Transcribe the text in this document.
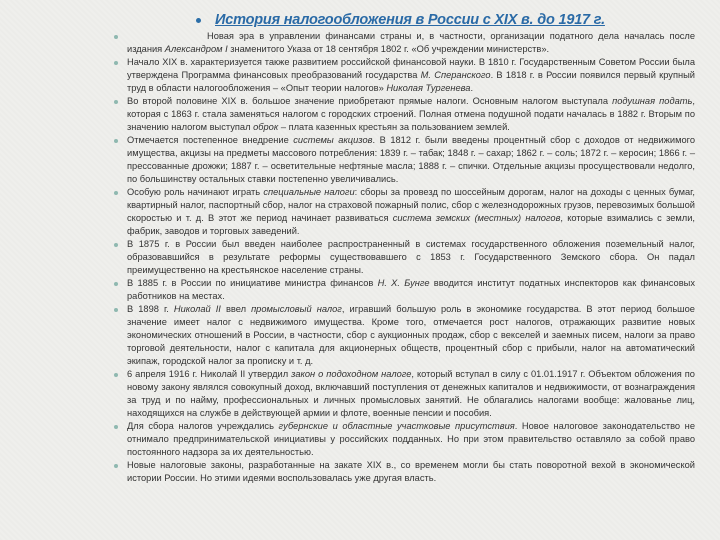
История налогообложения в России с XIX в. до 1917 г.

Новая эра в управлении финансами страны и, в частности, организации податного дела началась после издания Александром I знаменитого Указа от 18 сентября 1802 г. «Об учреждении министерств».

Начало XIX в. характеризуется также развитием российской финансовой науки. В 1810 г. Государственным Советом России была утверждена Программа финансовых преобразований государства М. Сперанского. В 1818 г. в России появился первый крупный труд в области налогообложения – «Опыт теории налогов» Николая Тургенева.

Во второй половине XIX в. большое значение приобретают прямые налоги. Основным налогом выступала подушная подать, которая с 1863 г. стала заменяться налогом с городских строений. Полная отмена подушной подати началась в 1882 г. Вторым по значению налогом выступал оброк – плата казенных крестьян за пользованием землей.

Отмечается постепенное внедрение системы акцизов. В 1812 г. были введены процентный сбор с доходов от недвижимого имущества, акцизы на предметы массового потребления: 1839 г. – табак; 1848 г. – сахар; 1862 г. – соль; 1872 г. – керосин; 1866 г. – прессованные дрожжи; 1887 г. – осветительные нефтяные масла; 1888 г. – спички. Отдельные акцизы просуществовали недолго, по большинству остальных ставки постепенно увеличивались.

Особую роль начинают играть специальные налоги: сборы за провезд по шоссейным дорогам, налог на доходы с ценных бумаг, квартирный налог, паспортный сбор, налог на страховой пожарный полис, сбор с железнодорожных грузов, перевозимых большой скоростью и т. д. В этот же период начинает развиваться система земских (местных) налогов, которые взимались с земли, фабрик, заводов и торговых заведений.

В 1875 г. в России был введен наиболее распространенный в системах государственного обложения поземельный налог, образовавшийся в результате реформы существовавшего с 1853 г. Государственного Земского сбора. Он падал преимущественно на крестьянское население страны.

В 1885 г. в России по инициативе министра финансов Н. Х. Бунге вводится институт податных инспекторов как финансовых работников на местах.

В 1898 г. Николай II ввел промысловый налог, игравший большую роль в экономике государства. В этот период большое значение имеет налог с недвижимого имущества. Кроме того, отмечается рост налогов, отражающих развитие новых экономических отношений в России, в частности, сбор с аукционных продаж, сбор с векселей и заемных писем, налоги за право торговой деятельности, налог с капитала для акционерных обществ, процентный сбор с прибыли, налог на автоматический экипаж, городской налог за прописку и т. д.

6 апреля 1916 г. Николай II утвердил закон о подоходном налоге, который вступал в силу с 01.01.1917 г. Объектом обложения по новому закону являлся совокупный доход, включавший поступления от денежных капиталов и недвижимости, от вознаграждения за труд и по найму, профессиональных и личных промысловых занятий. Не облагались налогами вообще: жалованье лиц, находящихся на службе в действующей армии и флоте, военные пенсии и пособия.

Для сбора налогов учреждались губернские и областные участковые присутствия. Новое налоговое законодательство не отнимало предпринимательской инициативы у российских подданных. Но при этом правительство оставляло за собой право постоянного надзора за их деятельностью.

Новые налоговые законы, разработанные на закате XIX в., со временем могли бы стать поворотной вехой в экономической истории России. Но этими идеями воспользовалась уже другая власть.
